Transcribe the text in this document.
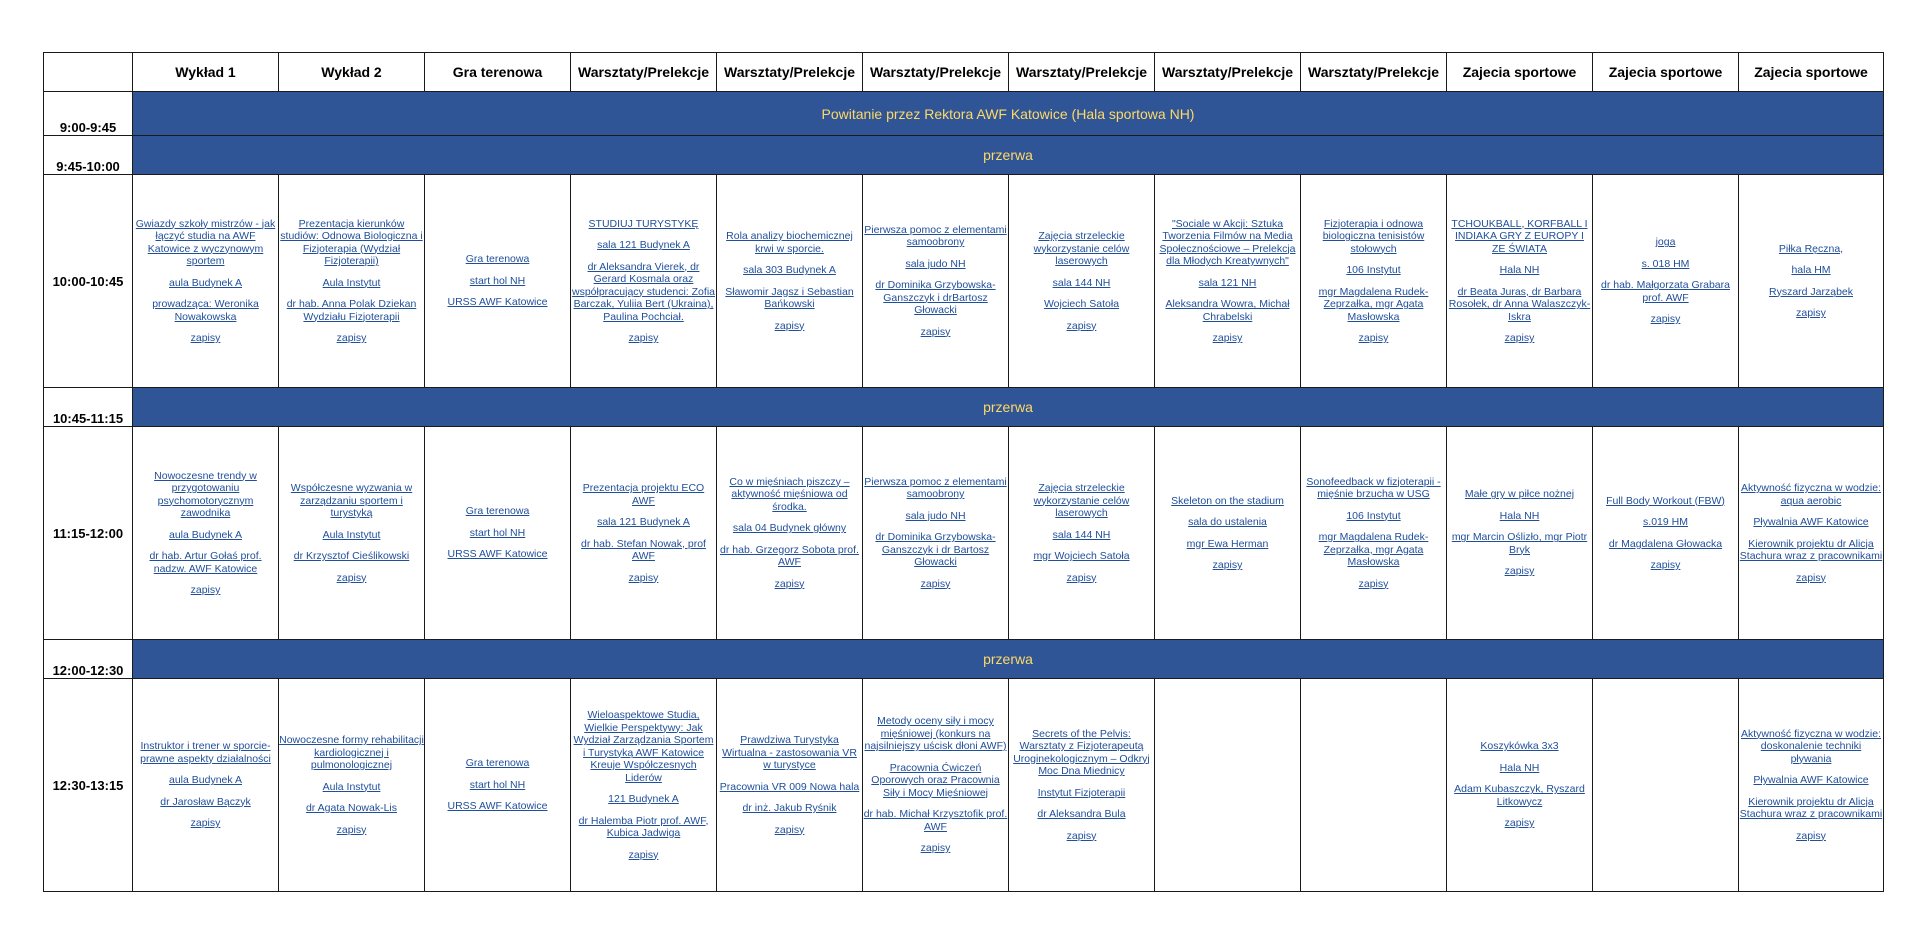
	Wykład 1	Wykład 2	Gra terenowa	Warsztaty/Prelekcje	Warsztaty/Prelekcje	Warsztaty/Prelekcje	Warsztaty/Prelekcje	Warsztaty/Prelekcje	Warsztaty/Prelekcje	Zajecia sportowe	Zajecia sportowe	Zajecia sportowe
9:00-9:45	Powitanie przez Rektora AWF Katowice (Hala sportowa NH)											
9:45-10:00	przerwa											
10:00-10:45	Gwiazdy szkoły mistrzów - jak łączyć studia na AWF Katowice z wyczynowym sportem
aula Budynek A
prowadząca: Weronika Nowakowska
zapisy	Prezentacja kierunków studiów: Odnowa Biologiczna i Fizjoterapia (Wydział Fizjoterapii)
Aula Instytut
dr hab. Anna Polak Dziekan Wydziału Fizjoterapii
zapisy	Gra terenowa
start hol NH
URSS AWF Katowice	STUDIUJ TURYSTYKĘ
sala 121 Budynek A
dr Aleksandra Vierek, dr Gerard Kosmala oraz współpracujący studenci: Zofia Barczak, Yuliia Bert (Ukraina), Paulina Pochciał.
zapisy	Rola analizy biochemicznej krwi w sporcie.
sala 303 Budynek A
Sławomir Jagsz i Sebastian Bańkowski
zapisy	Pierwsza pomoc z elementami samoobrony
sala judo NH
dr Dominika Grzybowska-Ganszczyk i drBartosz Głowacki
zapisy	Zajęcia strzeleckie wykorzystanie celów laserowych
sala 144 NH
Wojciech Satoła
zapisy	"Sociale w Akcji: Sztuka Tworzenia Filmów na Media Społecznościowe – Prelekcja dla Młodych Kreatywnych"
sala 121 NH
Aleksandra Wowra, Michał Chrabelski
zapisy	Fizjoterapia i odnowa biologiczna tenisistów stołowych
106 Instytut
mgr Magdalena Rudek-Zeprzałka, mgr Agata Masłowska
zapisy	TCHOUKBALL, KORFBALL I INDIAKA GRY Z EUROPY I ZE ŚWIATA
Hala NH
dr Beata Juras, dr Barbara Rosołek, dr Anna Walaszczyk-Iskra
zapisy	joga
s. 018 HM
dr hab. Małgorzata Grabara prof. AWF
zapisy	Piłka Ręczna,
hala HM
Ryszard Jarząbek
zapisy

10:45-11:15	przerwa											
11:15-12:00	Nowoczesne trendy w przygotowaniu psychomotorycznym zawodnika
aula Budynek A
dr hab. Artur Gołaś prof. nadzw. AWF Katowice
zapisy	Współczesne wyzwania w zarządzaniu sportem i turystyką
Aula Instytut
dr Krzysztof Cieślikowski
zapisy	Gra terenowa
start hol NH
URSS AWF Katowice	Prezentacja projektu ECO AWF
sala 121 Budynek A
dr hab. Stefan Nowak, prof AWF
zapisy	Co w mięśniach piszczy – aktywność mięśniowa od środka.
sala 04 Budynek główny
dr hab. Grzegorz Sobota prof. AWF
zapisy	Pierwsza pomoc z elementami samoobrony
sala judo NH
dr Dominika Grzybowska-Ganszczyk i dr Bartosz Głowacki
zapisy	Zajęcia strzeleckie wykorzystanie celów laserowych
sala 144 NH
mgr Wojciech Satoła
zapisy	Skeleton on the stadium
sala do ustalenia
mgr Ewa Herman
zapisy	Sonofeedback w fizjoterapii - mięśnie brzucha w USG
106 Instytut
mgr Magdalena Rudek-Zeprzałka, mgr Agata Masłowska
zapisy	Małe gry w piłce nożnej
Hala NH
mgr Marcin Oślizło, mgr Piotr Bryk
zapisy	Full Body Workout (FBW)
s.019 HM
dr Magdalena Głowacka
zapisy	Aktywność fizyczna w wodzie: aqua aerobic
Pływalnia AWF Katowice
Kierownik projektu dr Alicja Stachura wraz z pracownikami
zapisy

12:00-12:30	przerwa											
12:30-13:15	Instruktor i trener w sporcie-prawne aspekty działalności
aula Budynek A
dr Jarosław Bączyk
zapisy	Nowoczesne formy rehabilitacji kardiologicznej i pulmonologicznej
Aula Instytut
dr Agata Nowak-Lis
zapisy	Gra terenowa
start hol NH
URSS AWF Katowice	Wieloaspektowe Studia, Wielkie Perspektywy: Jak Wydział Zarządzania Sportem i Turystyką AWF Katowice Kreuje Współczesnych Liderów
121 Budynek A
dr Halemba Piotr prof. AWF, Kubica Jadwiga
zapisy	Prawdziwa Turystyka Wirtualna - zastosowania VR w turystyce
Pracownia VR 009 Nowa hala
dr inż. Jakub Ryśnik
zapisy	Metody oceny siły i mocy mięśniowej (konkurs na najsilniejszy uścisk dłoni AWF)
Pracownia Ćwiczeń Oporowych oraz Pracownia Siły i Mocy Mięśniowej
dr hab. Michał Krzysztofik prof. AWF
zapisy	Secrets of the Pelvis: Warsztaty z Fizjoterapeutą Uroginekologicznym – Odkryj Moc Dna Miednicy
Instytut Fizjoterapii
dr Aleksandra Bula
zapisy			Koszykówka 3x3
Hala NH
Adam Kubaszczyk, Ryszard Litkowycz
zapisy		Aktywność fizyczna w wodzie: doskonalenie techniki pływania
Pływalnia AWF Katowice
Kierownik projektu dr Alicja Stachura wraz z pracownikami
zapisy
